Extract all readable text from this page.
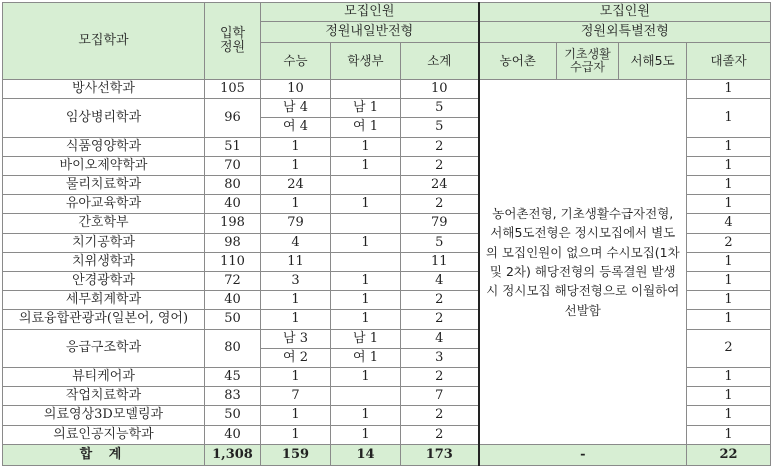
모집학과	입학
정원	모집인원			모집인원			
		정원내일반전형			정원외특별전형			
		수능	학생부	소계	농어촌	기초생활
수급자	서해5도	대졸자
방사선학과	105	10		10	농어촌전형, 기초생활수급자전형, 서해5도전형은 정시모집에서 별도의 모집인원이 없으며 수시모집(1차 및 2차) 해당전형의 등록결원 발생 시 정시모집 해당전형으로 이월하여 선발함			1
임상병리학과	96	남 4	남 1	5				1
		여 4	여 1	5				
식품영양학과	51	1	1	2				1
바이오제약학과	70	1	1	2				1
물리치료학과	80	24		24				1
유아교육학과	40	1	1	2				1
간호학부	198	79		79				4
치기공학과	98	4	1	5				2
치위생학과	110	11		11				1
안경광학과	72	3	1	4				1
세무회계학과	40	1	1	2				1
의료융합관광과(일본어, 영어)	50	1	1	2				1
응급구조학과	80	남 3	남 1	4				2
		여 2	여 1	3				
뷰티케어과	45	1	1	2				1
작업치료학과	83	7		7				1
의료영상3D모델링과	50	1	1	2				1
의료인공지능학과	40	1	1	2				1
합 계	1,308	159	14	173	-			22
